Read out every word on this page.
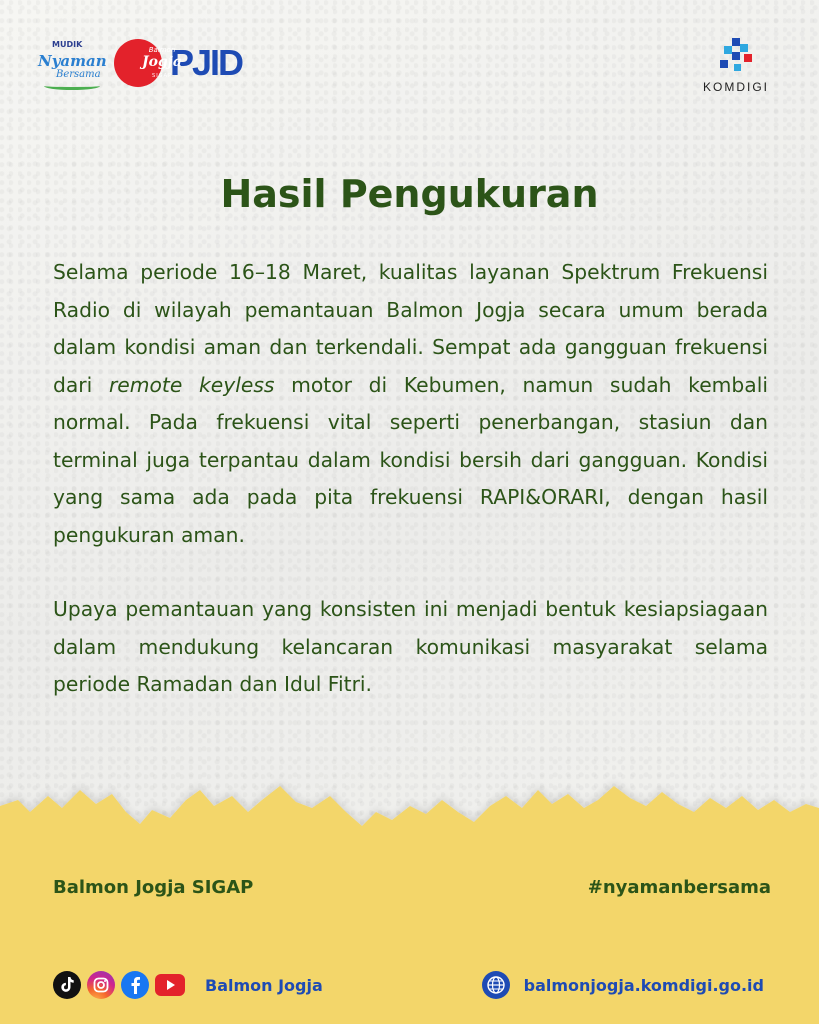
MUDIK
Nyaman
Bersama
Balmon
Jogja
SIGAP
PJID
KOMDIGI
Hasil Pengukuran

Selama periode 16–18 Maret, kualitas layanan Spektrum Frekuensi Radio di wilayah pemantauan Balmon Jogja secara umum berada dalam kondisi aman dan terkendali. Sempat ada gangguan frekuensi dari remote keyless motor di Kebumen, namun sudah kembali normal. Pada frekuensi vital seperti penerbangan, stasiun dan terminal juga terpantau dalam kondisi bersih dari gangguan. Kondisi yang sama ada pada pita frekuensi RAPI&ORARI, dengan hasil pengukuran aman.

Upaya pemantauan yang konsisten ini menjadi bentuk kesiapsiagaan dalam mendukung kelancaran komunikasi masyarakat selama periode Ramadan dan Idul Fitri.

Balmon Jogja SIGAP	#nyamanbersama
Balmon Jogja	balmonjogja.komdigi.go.id
